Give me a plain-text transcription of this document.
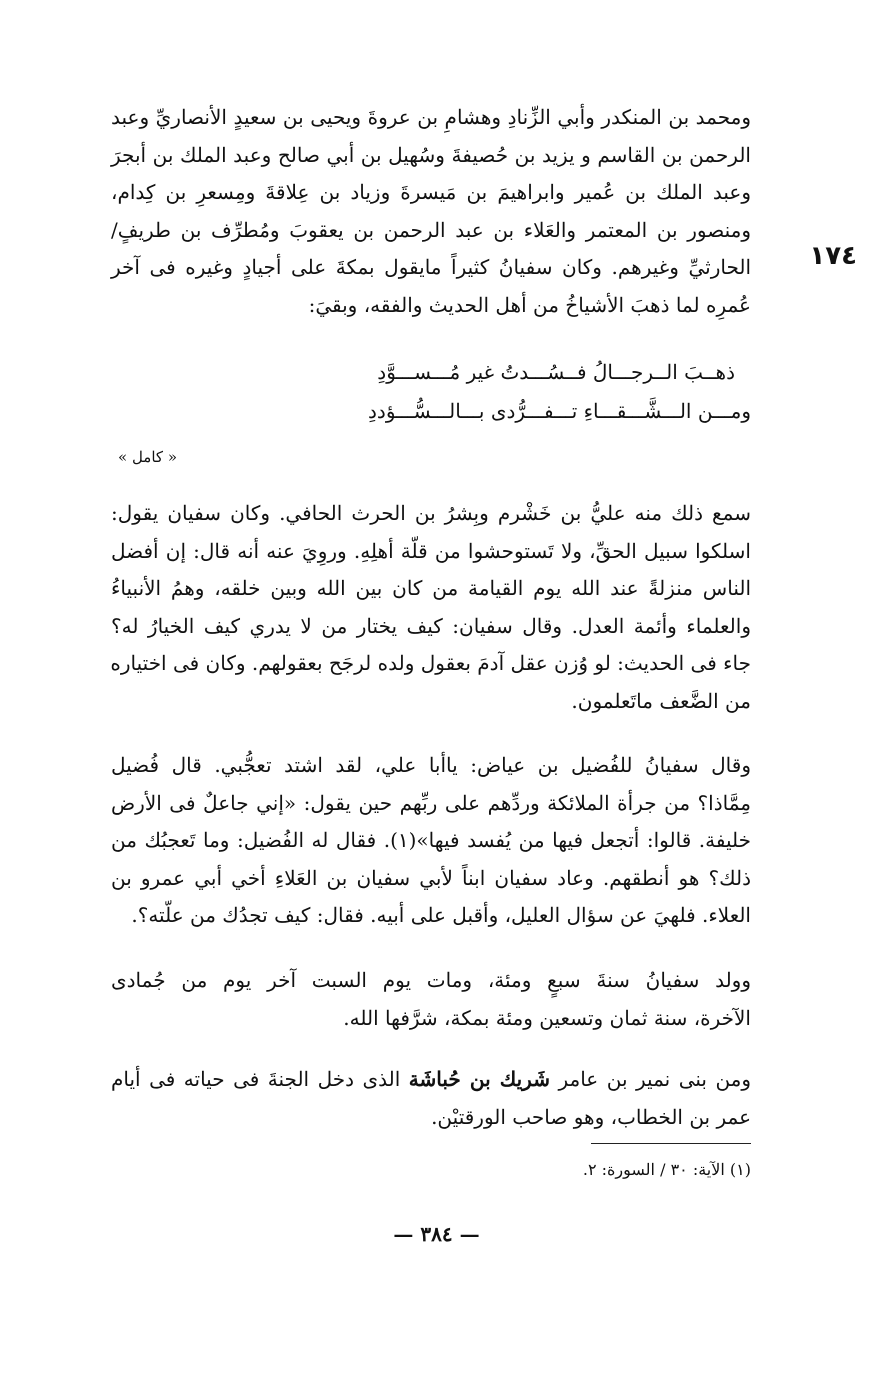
ومحمد بن المنكدر وأبي الزِّنادِ وهشامِ بن عروةَ ويحيى بن سعيدٍ الأنصاريِّ وعبد
الرحمن بن القاسم و يزيد بن حُصيفةَ وسُهيل بن أبي صالح وعبد الملك بن أبجرَ
وعبد الملك بن عُمير وابراهيمَ بن مَيسرةَ وزياد بن عِلاقةَ ومِسعرِ بن كِدام،
ومنصور بن المعتمر والعَلاء بن عبد الرحمن بن يعقوبَ ومُطرِّف بن طريفٍ/
الحارثيِّ وغيرهم. وكان سفيانُ كثيراً مايقول بمكةَ على أجيادٍ وغيره فى آخر
عُمرِه لما ذهبَ الأشياخُ من أهل الحديث والفقه، وبقيَ:
١٧٤
ذهــبَ الــرجـــالُ فــسُـــدتُ غير مُـــســـوَّدِ
ومـــن الـــشَّـــقـــاءِ تـــفـــرُّدى بـــالـــسُّـــؤددِ
« كامل »
سمع ذلك منه عليُّ بن خَشْرم وبِشرُ بن الحرث الحافي. وكان سفيان يقول:
اسلكوا سبيل الحقِّ، ولا تَستوحشوا من قلّة أهلِهِ. وروِيَ عنه أنه قال: إن أفضل
الناس منزلةً عند الله يوم القيامة من كان بين الله وبين خلقه، وهمُ الأنبياءُ
والعلماء وأئمة العدل. وقال سفيان: كيف يختار من لا يدري كيف الخيارُ له؟
جاء فى الحديث: لو وُزن عقل آدمَ بعقول ولده لرجَح بعقولهم. وكان فى اختياره
من الضَّعف ماتَعلمون.
وقال سفيانُ للفُضيل بن عياض: ياأبا علي، لقد اشتد تعجُّبي. قال فُضيل
مِمَّاذا؟ من جرأة الملائكة وردِّهم على ربِّهم حين يقول: «إني جاعلٌ فى الأرض
خليفة. قالوا: أتجعل فيها من يُفسد فيها»(١). فقال له الفُضيل: وما تَعجبُك من
ذلك؟ هو أنطقهم. وعاد سفيان ابناً لأبي سفيان بن العَلاءِ أخي أبي عمرو بن
العلاء. فلهيَ عن سؤال العليل، وأقبل على أبيه. فقال: كيف تجدُك من علّته؟.
وولد سفيانُ سنةَ سبعٍ ومئة، ومات يوم السبت آخر يوم من جُمادى
الآخرة، سنة ثمان وتسعين ومئة بمكة، شرَّفها الله.
ومن بنى نمير بن عامر شَريك بن حُباشَة الذى دخل الجنةَ فى حياته فى أيام
عمر بن الخطاب، وهو صاحب الورقتيْن.
(١) الآية: ٣٠ / السورة: ٢.
— ٣٨٤ —
